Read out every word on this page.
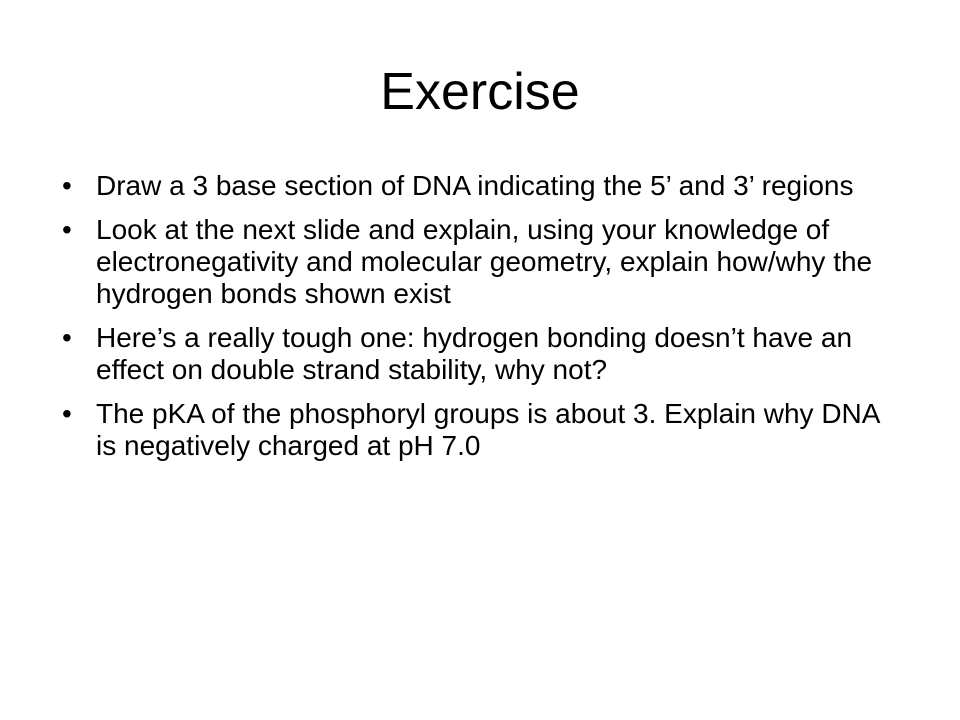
Exercise
• Draw a 3 base section of DNA indicating the 5’ and 3’ regions
• Look at the next slide and explain, using your knowledge of electronegativity and molecular geometry, explain how/why the hydrogen bonds shown exist
• Here’s a really tough one: hydrogen bonding doesn’t have an effect on double strand stability, why not?
• The pKA of the phosphoryl groups is about 3. Explain why DNA is negatively charged at pH 7.0
